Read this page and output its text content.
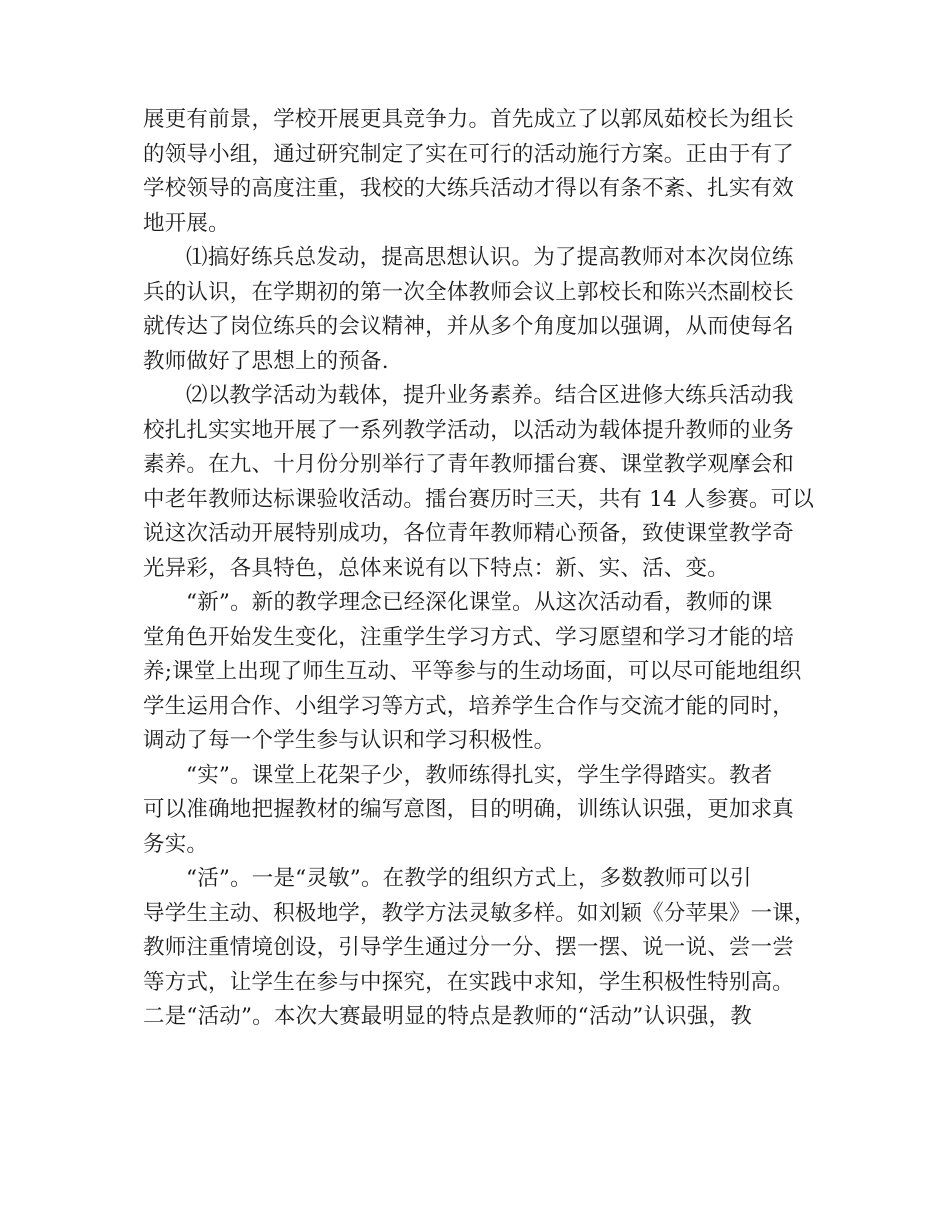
展更有前景，学校开展更具竞争力。首先成立了以郭凤茹校长为组长
的领导小组，通过研究制定了实在可行的活动施行方案。正由于有了
学校领导的高度注重，我校的大练兵活动才得以有条不紊、扎实有效
地开展。
⑴搞好练兵总发动，提高思想认识。为了提高教师对本次岗位练
兵的认识，在学期初的第一次全体教师会议上郭校长和陈兴杰副校长
就传达了岗位练兵的会议精神，并从多个角度加以强调，从而使每名
教师做好了思想上的预备.
⑵以教学活动为载体，提升业务素养。结合区进修大练兵活动我
校扎扎实实地开展了一系列教学活动，以活动为载体提升教师的业务
素养。在九、十月份分别举行了青年教师擂台赛、课堂教学观摩会和
中老年教师达标课验收活动。擂台赛历时三天，共有 14 人参赛。可以
说这次活动开展特别成功，各位青年教师精心预备，致使课堂教学奇
光异彩，各具特色，总体来说有以下特点：新、实、活、变。
“新”。新的教学理念已经深化课堂。从这次活动看，教师的课
堂角色开始发生变化，注重学生学习方式、学习愿望和学习才能的培
养;课堂上出现了师生互动、平等参与的生动场面，可以尽可能地组织
学生运用合作、小组学习等方式，培养学生合作与交流才能的同时，
调动了每一个学生参与认识和学习积极性。
“实”。课堂上花架子少，教师练得扎实，学生学得踏实。教者
可以准确地把握教材的编写意图，目的明确，训练认识强，更加求真
务实。
“活”。一是“灵敏”。在教学的组织方式上，多数教师可以引
导学生主动、积极地学，教学方法灵敏多样。如刘颖《分苹果》一课，
教师注重情境创设，引导学生通过分一分、摆一摆、说一说、尝一尝
等方式，让学生在参与中探究，在实践中求知，学生积极性特别高。
二是“活动”。本次大赛最明显的特点是教师的“活动”认识强，教
